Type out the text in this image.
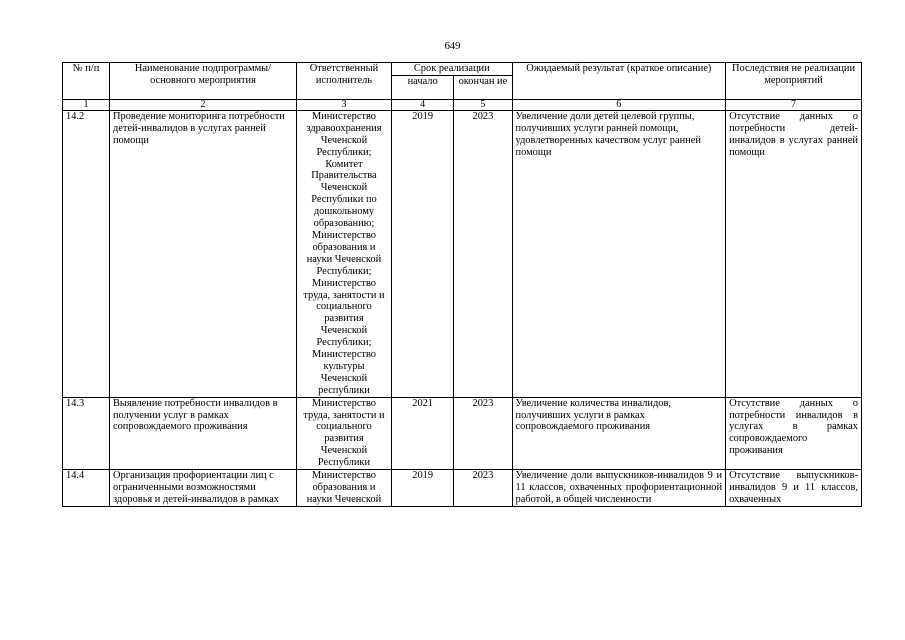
649
№ п/п	Наименование подпрограммы/ основного мероприятия	Ответственный исполнитель	Срок реализации		Ожидаемый результат (краткое описание)	Последствия не реализации мероприятий
			начало	окончан ие		
1	2	3	4	5	6	7
14.2	Проведение мониторинга потребности детей-инвалидов в услугах ранней помощи	Министерство здравоохранения Чеченской Республики; Комитет Правительства Чеченской Республики по дошкольному образованию; Министерство образования и науки Чеченской Республики; Министерство труда, занятости и социального развития Чеченской Республики; Министерство культуры Чеченской республики	2019	2023	Увеличение доли детей целевой группы, получивших услуги ранней помощи, удовлетворенных качеством услуг ранней помощи	Отсутствие данных о потребности детей-инвалидов в услугах ранней помощи
14.3	Выявление потребности инвалидов в получении услуг в рамках сопровождаемого проживания	Министерство труда, занятости и социального развития Чеченской Республики	2021	2023	Увеличение количества инвалидов, получивших услуги в рамках сопровождаемого проживания	Отсутствие данных о потребности инвалидов в услугах в рамках сопровождаемого проживания
14.4	Организация профориентации лиц с ограниченными возможностями здоровья и детей-инвалидов в рамках	Министерство образования и науки Чеченской	2019	2023	Увеличение доли выпускников-инвалидов 9 и 11 классов, охваченных профориентационной работой, в общей численности	Отсутствие выпускников-инвалидов 9 и 11 классов, охваченных
